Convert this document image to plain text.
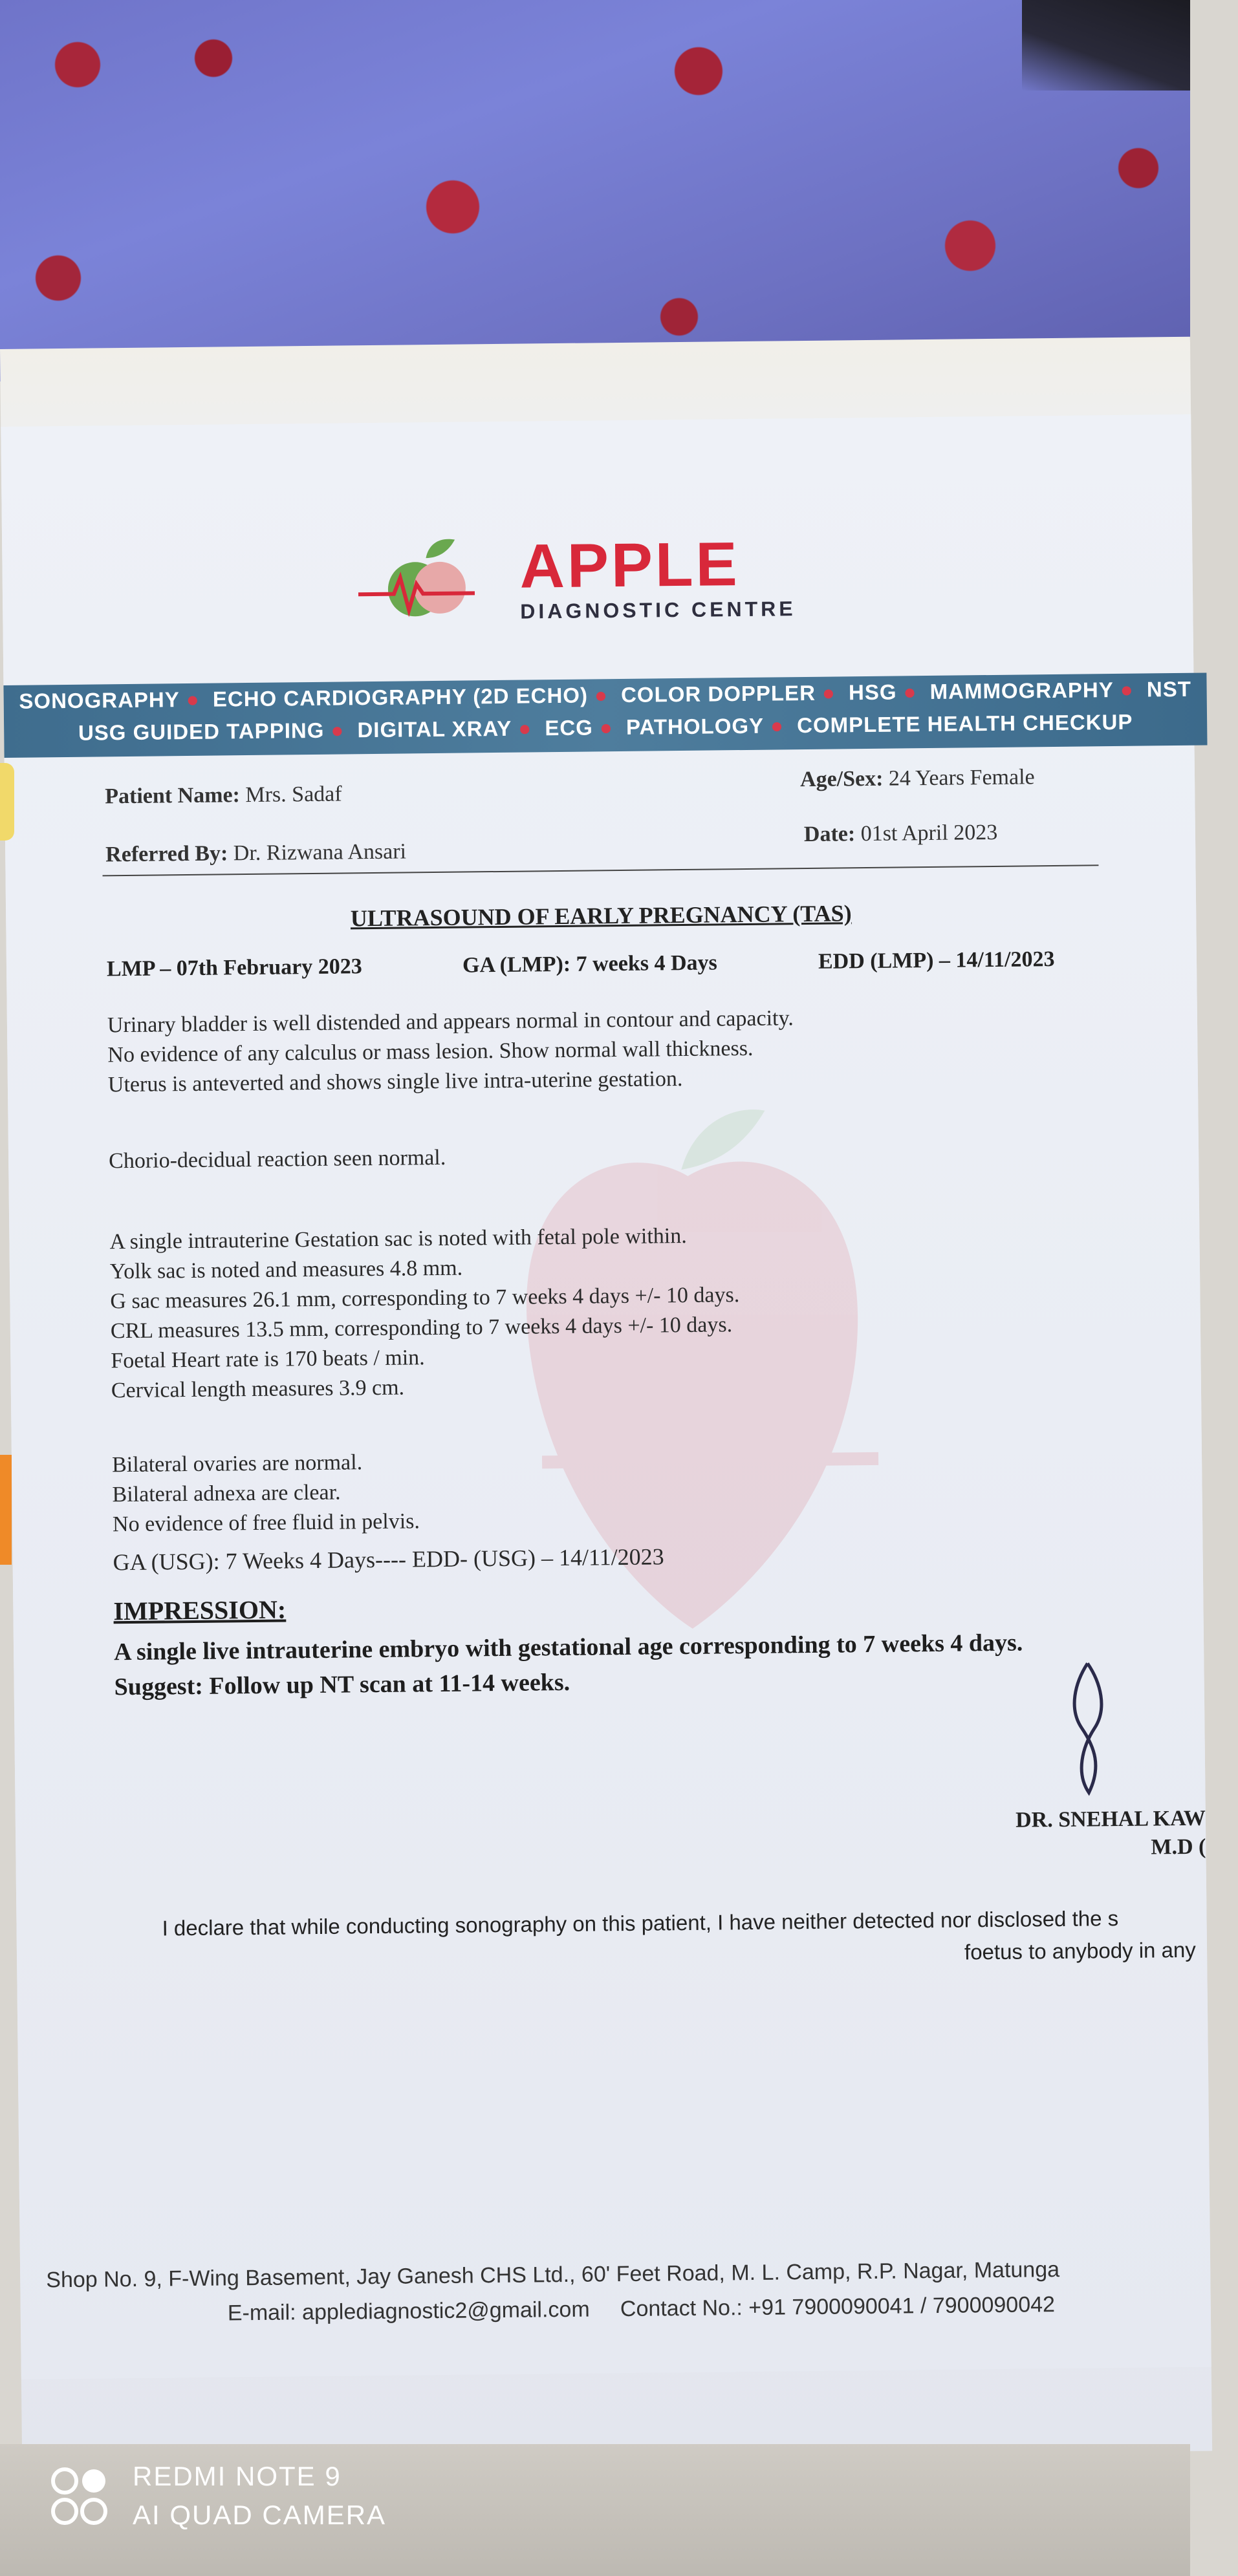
APPLE
DIAGNOSTIC CENTRE
SONOGRAPHY ● ECHO CARDIOGRAPHY (2D ECHO) ● COLOR DOPPLER ● HSG ● MAMMOGRAPHY ● NST
USG GUIDED TAPPING ● DIGITAL XRAY ● ECG ● PATHOLOGY ● COMPLETE HEALTH CHECKUP
Patient Name: Mrs. Sadaf
Age/Sex: 24 Years Female
Referred By: Dr. Rizwana Ansari
Date: 01st April 2023
ULTRASOUND OF EARLY PREGNANCY (TAS)
LMP – 07th February 2023	GA (LMP): 7 weeks 4 Days	EDD (LMP) – 14/11/2023

Urinary bladder is well distended and appears normal in contour and capacity.

No evidence of any calculus or mass lesion. Show normal wall thickness.

Uterus is anteverted and shows single live intra-uterine gestation.

Chorio-decidual reaction seen normal.

A single intrauterine Gestation sac is noted with fetal pole within.

Yolk sac is noted and measures 4.8 mm.

G sac measures 26.1 mm, corresponding to 7 weeks 4 days +/- 10 days.

CRL measures 13.5 mm, corresponding to 7 weeks 4 days +/- 10 days.

Foetal Heart rate is 170 beats / min.

Cervical length measures 3.9 cm.

Bilateral ovaries are normal.

Bilateral adnexa are clear.

No evidence of free fluid in pelvis.

GA (USG): 7 Weeks 4 Days---- EDD- (USG) – 14/11/2023
IMPRESSION:
A single live intrauterine embryo with gestational age corresponding to 7 weeks 4 days.
Suggest: Follow up NT scan at 11-14 weeks.
DR. SNEHAL KAW
M.D (
I declare that while conducting sonography on this patient, I have neither detected nor disclosed the s
foetus to anybody in any
Shop No. 9, F-Wing Basement, Jay Ganesh CHS Ltd., 60' Feet Road, M. L. Camp, R.P. Nagar, Matunga
E-mail: applediagnostic2@gmail.com Contact No.: +91 7900090041 / 7900090042
REDMI NOTE 9
AI QUAD CAMERA
